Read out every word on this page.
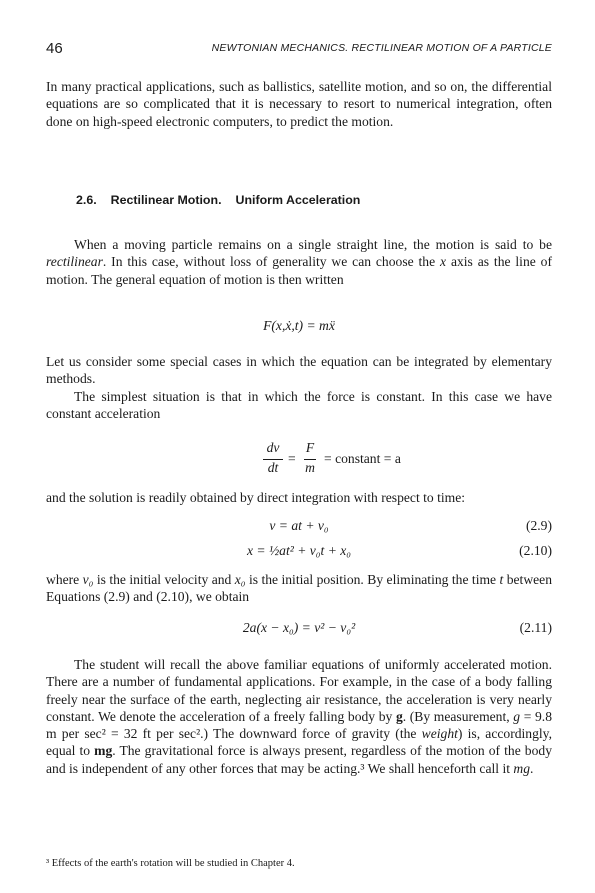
46	NEWTONIAN MECHANICS. RECTILINEAR MOTION OF A PARTICLE

In many practical applications, such as ballistics, satellite motion, and so on, the differential equations are so complicated that it is necessary to resort to numerical integration, often done on high-speed electronic computers, to predict the motion.

2.6. Rectilinear Motion. Uniform Acceleration

When a moving particle remains on a single straight line, the motion is said to be rectilinear. In this case, without loss of generality we can choose the x axis as the line of motion. The general equation of motion is then written

F(x,ẋ,t) = mẍ

Let us consider some special cases in which the equation can be integrated by elementary methods.

The simplest situation is that in which the force is constant. In this case we have constant acceleration

dv
dt
=
F
m
= constant = a

and the solution is readily obtained by direct integration with respect to time:

v = at + v₀	(2.9)
x = ½at² + v₀t + x₀	(2.10)

where v₀ is the initial velocity and x₀ is the initial position. By eliminating the time t between Equations (2.9) and (2.10), we obtain

2a(x − x₀) = v² − v₀²	(2.11)

The student will recall the above familiar equations of uniformly accelerated motion. There are a number of fundamental applications. For example, in the case of a body falling freely near the surface of the earth, neglecting air resistance, the acceleration is very nearly constant. We denote the acceleration of a freely falling body by g. (By measurement, g = 9.8 m per sec² = 32 ft per sec².) The downward force of gravity (the weight) is, accordingly, equal to mg. The gravitational force is always present, regardless of the motion of the body and is independent of any other forces that may be acting.³ We shall henceforth call it mg.

³ Effects of the earth's rotation will be studied in Chapter 4.
